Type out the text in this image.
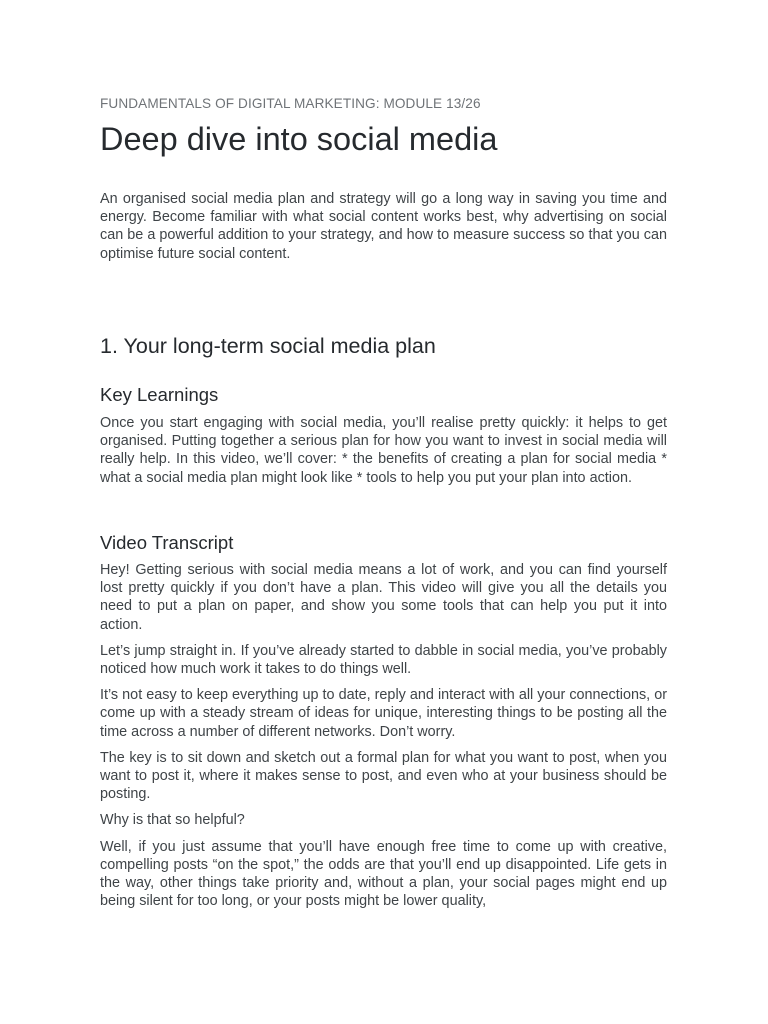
FUNDAMENTALS OF DIGITAL MARKETING: MODULE 13/26
Deep dive into social media

An organised social media plan and strategy will go a long way in saving you time and energy. Become familiar with what social content works best, why advertising on social can be a powerful addition to your strategy, and how to measure success so that you can optimise future social content.

1. Your long-term social media plan
Key Learnings

Once you start engaging with social media, you’ll realise pretty quickly: it helps to get organised. Putting together a serious plan for how you want to invest in social media will really help. In this video, we’ll cover: * the benefits of creating a plan for social media * what a social media plan might look like * tools to help you put your plan into action.

Video Transcript

Hey! Getting serious with social media means a lot of work, and you can find yourself lost pretty quickly if you don’t have a plan. This video will give you all the details you need to put a plan on paper, and show you some tools that can help you put it into action.

Let’s jump straight in. If you’ve already started to dabble in social media, you’ve probably noticed how much work it takes to do things well.

It’s not easy to keep everything up to date, reply and interact with all your connections, or come up with a steady stream of ideas for unique, interesting things to be posting all the time across a number of different networks. Don’t worry.

The key is to sit down and sketch out a formal plan for what you want to post, when you want to post it, where it makes sense to post, and even who at your business should be posting.

Why is that so helpful?

Well, if you just assume that you’ll have enough free time to come up with creative, compelling posts “on the spot,” the odds are that you’ll end up disappointed. Life gets in the way, other things take priority and, without a plan, your social pages might end up being silent for too long, or your posts might be lower quality,
